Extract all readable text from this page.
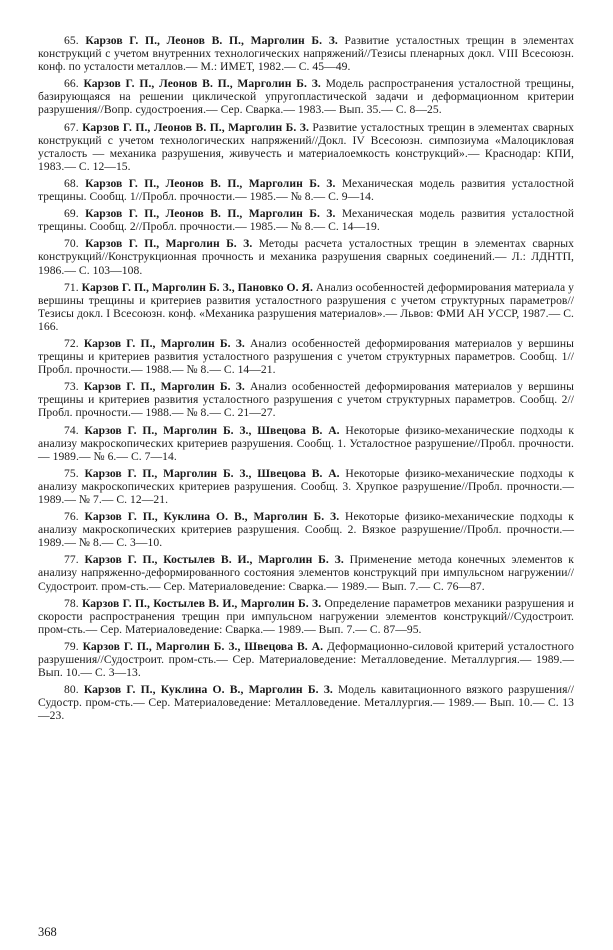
65. Карзов Г. П., Леонов В. П., Марголин Б. З. Развитие усталостных трещин в элементах конструкций с учетом внутренних технологических напряжений//Тезисы пленарных докл. VIII Всесоюзн. конф. по усталости металлов.— М.: ИМЕТ, 1982.— С. 45—49.

66. Карзов Г. П., Леонов В. П., Марголин Б. З. Модель распространения усталостной трещины, базирующаяся на решении циклической упругопластической задачи и деформационном критерии разрушения//Вопр. судостроения.— Сер. Сварка.— 1983.— Вып. 35.— С. 8—25.

67. Карзов Г. П., Леонов В. П., Марголин Б. З. Развитие усталостных трещин в элементах сварных конструкций с учетом технологических напряжений//Докл. IV Всесоюзн. симпозиума «Малоцикловая усталость — механика разрушения, живучесть и материалоемкость конструкций».— Краснодар: КПИ, 1983.— С. 12—15.

68. Карзов Г. П., Леонов В. П., Марголин Б. З. Механическая модель развития усталостной трещины. Сообщ. 1//Пробл. прочности.— 1985.— № 8.— С. 9—14.

69. Карзов Г. П., Леонов В. П., Марголин Б. З. Механическая модель развития усталостной трещины. Сообщ. 2//Пробл. прочности.— 1985.— № 8.— С. 14—19.

70. Карзов Г. П., Марголин Б. З. Методы расчета усталостных трещин в элементах сварных конструкций//Конструкционная прочность и механика разрушения сварных соединений.— Л.: ЛДНТП, 1986.— С. 103—108.

71. Карзов Г. П., Марголин Б. З., Пановко О. Я. Анализ особенностей деформирования материала у вершины трещины и критериев развития усталостного разрушения с учетом структурных параметров//Тезисы докл. I Всесоюзн. конф. «Механика разрушения материалов».— Львов: ФМИ АН УССР, 1987.— С. 166.

72. Карзов Г. П., Марголин Б. З. Анализ особенностей деформирования материалов у вершины трещины и критериев развития усталостного разрушения с учетом структурных параметров. Сообщ. 1//Пробл. прочности.— 1988.— № 8.— С. 14—21.

73. Карзов Г. П., Марголин Б. З. Анализ особенностей деформирования материалов у вершины трещины и критериев развития усталостного разрушения с учетом структурных параметров. Сообщ. 2//Пробл. прочности.— 1988.— № 8.— С. 21—27.

74. Карзов Г. П., Марголин Б. З., Швецова В. А. Некоторые физико-механические подходы к анализу макроскопических критериев разрушения. Сообщ. 1. Усталостное разрушение//Пробл. прочности.— 1989.— № 6.— С. 7—14.

75. Карзов Г. П., Марголин Б. З., Швецова В. А. Некоторые физико-механические подходы к анализу макроскопических критериев разрушения. Сообщ. 3. Хрупкое разрушение//Пробл. прочности.— 1989.— № 7.— С. 12—21.

76. Карзов Г. П., Куклина О. В., Марголин Б. З. Некоторые физико-механические подходы к анализу макроскопических критериев разрушения. Сообщ. 2. Вязкое разрушение//Пробл. прочности.— 1989.— № 8.— С. 3—10.

77. Карзов Г. П., Костылев В. И., Марголин Б. З. Применение метода конечных элементов к анализу напряженно-деформированного состояния элементов конструкций при импульсном нагружении//Судостроит. пром-сть.— Сер. Материаловедение: Сварка.— 1989.— Вып. 7.— С. 76—87.

78. Карзов Г. П., Костылев В. И., Марголин Б. З. Определение параметров механики разрушения и скорости распространения трещин при импульсном нагружении элементов конструкций//Судостроит. пром-сть.— Сер. Материаловедение: Сварка.— 1989.— Вып. 7.— С. 87—95.

79. Карзов Г. П., Марголин Б. З., Швецова В. А. Деформационно-силовой критерий усталостного разрушения//Судостроит. пром-сть.— Сер. Материаловедение: Металловедение. Металлургия.— 1989.— Вып. 10.— С. 3—13.

80. Карзов Г. П., Куклина О. В., Марголин Б. З. Модель кавитационного вязкого разрушения//Судостр. пром-сть.— Сер. Материаловедение: Металловедение. Металлургия.— 1989.— Вып. 10.— С. 13—23.

368
